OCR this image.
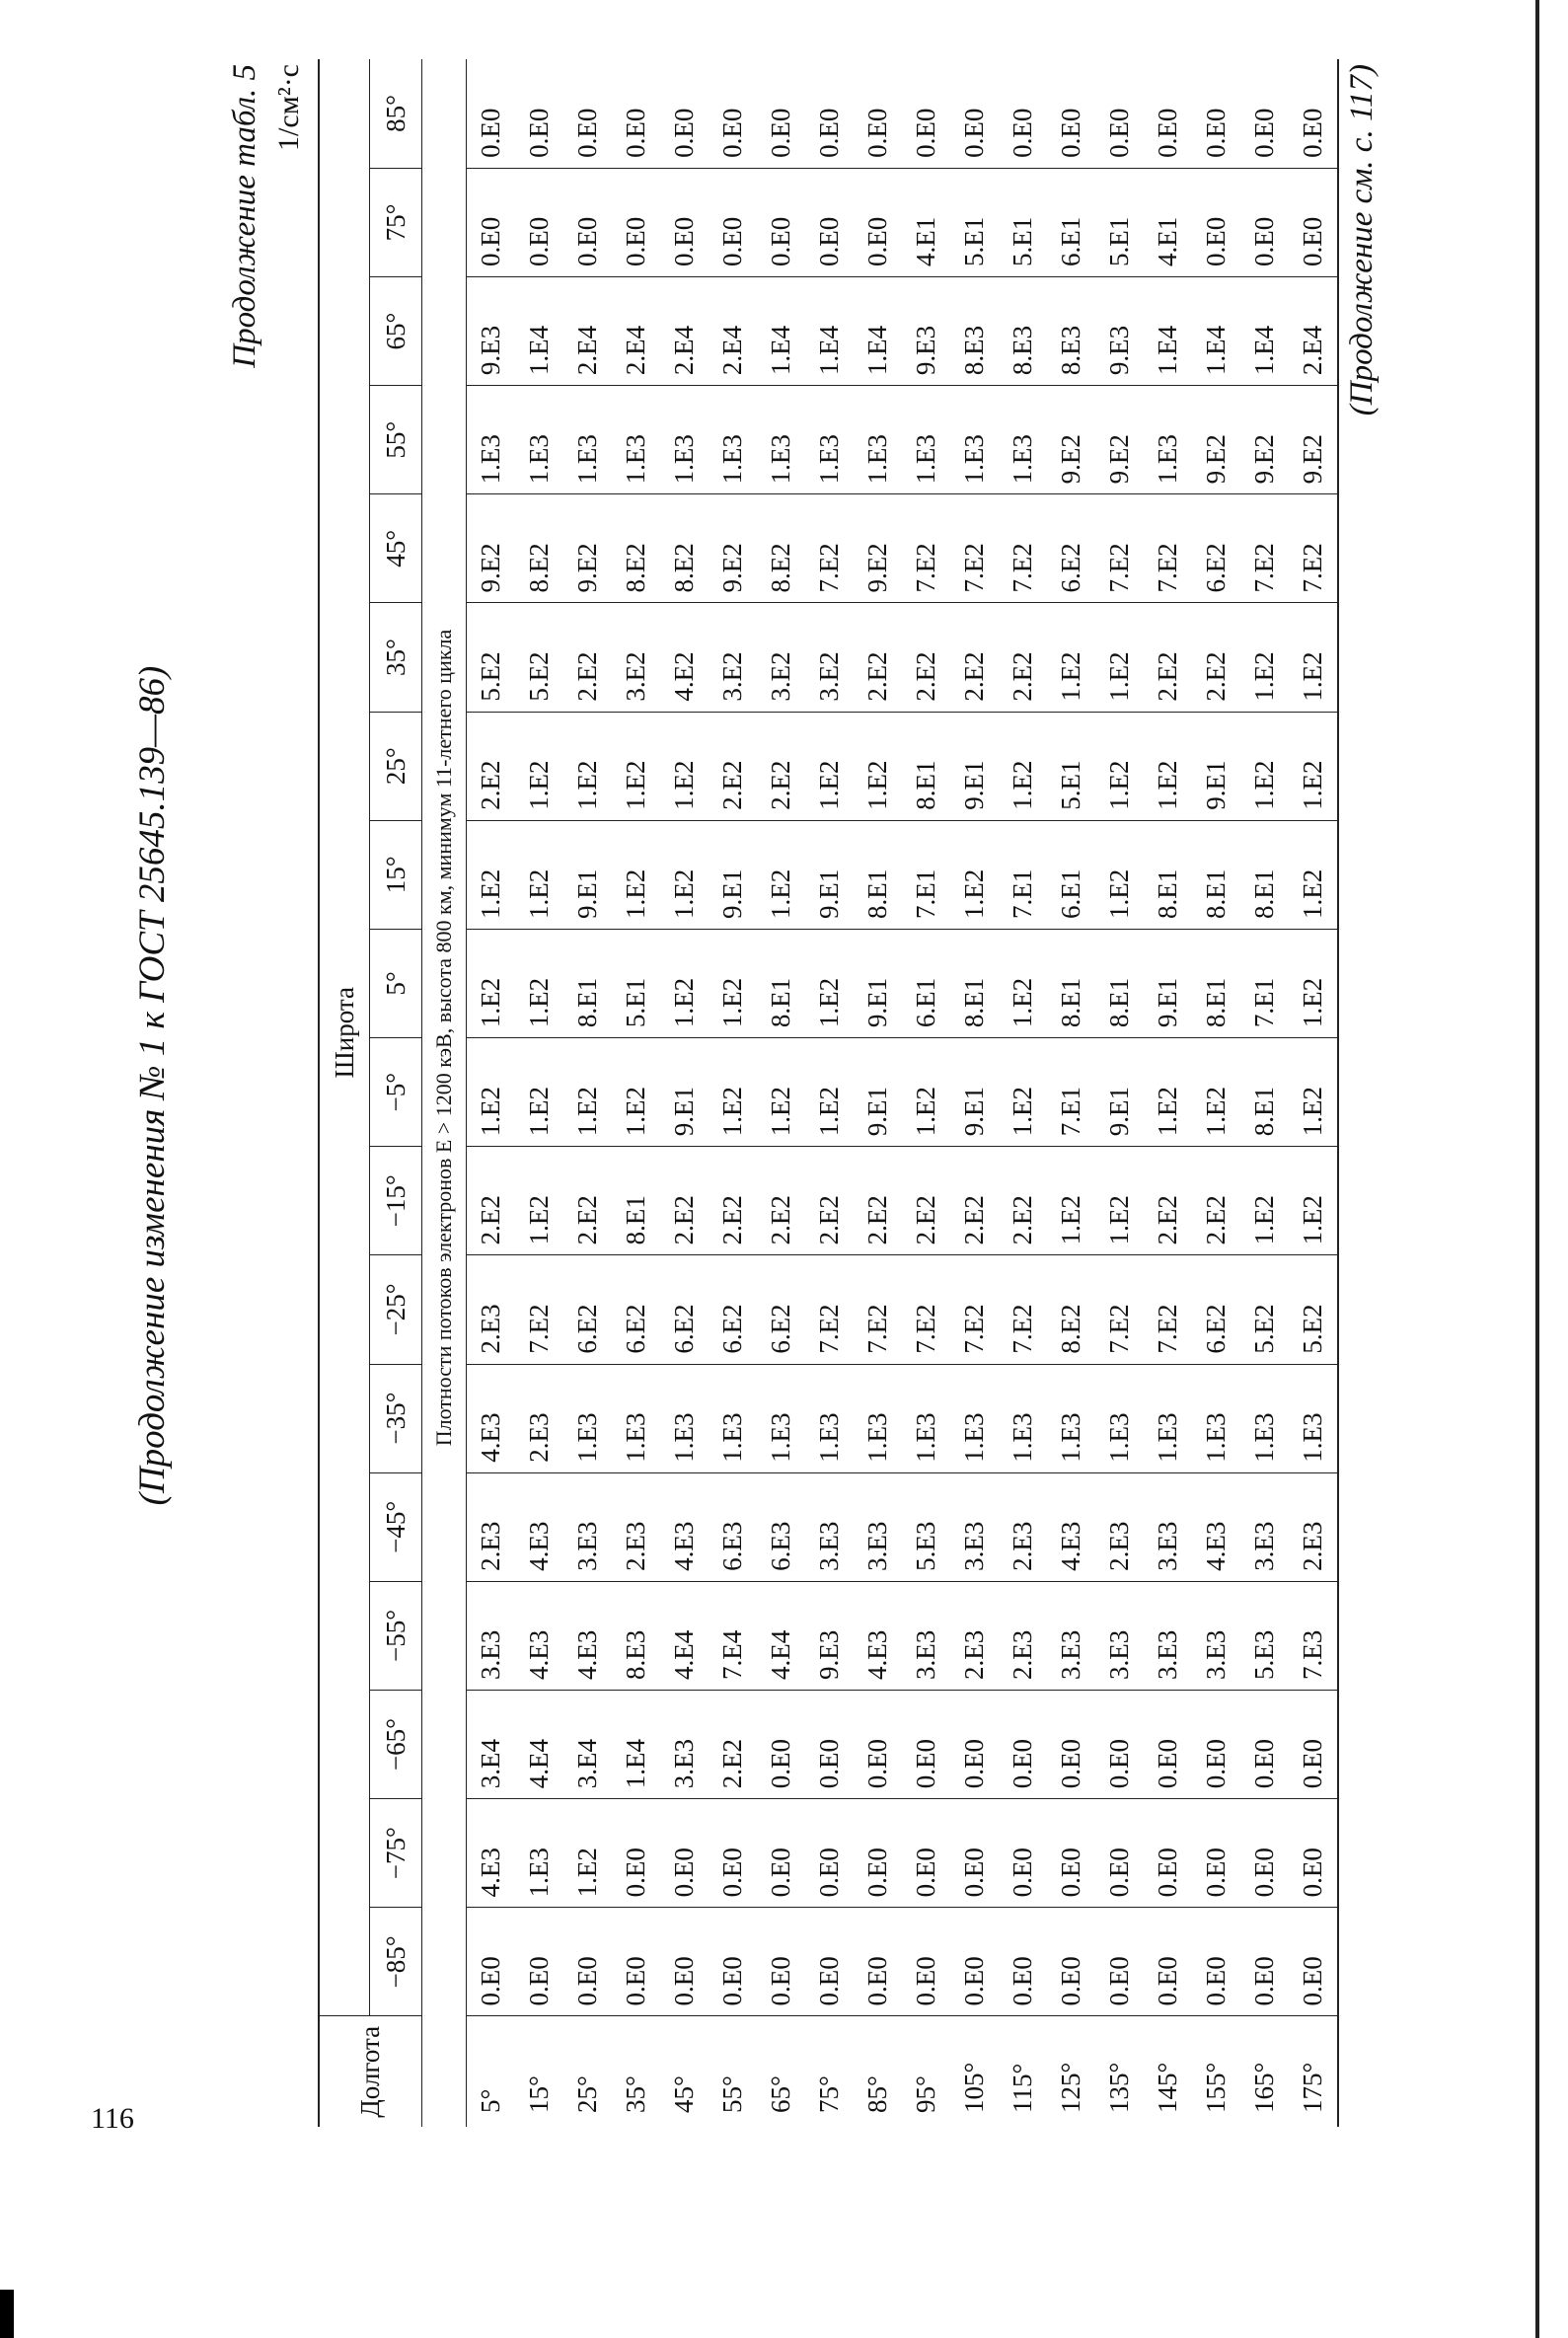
116
(Продолжение изменения № 1 к ГОСТ 25645.139—86)
Продолжение табл. 5 1/см²·с
Долгота	Широта																	
	−85°	−75°	−65°	−55°	−45°	−35°	−25°	−15°	−5°	5°	15°	25°	35°	45°	55°	65°	75°	85°
	Плотности потоков электронов E > 1200 кэВ, высота 800 км, минимум 11-летнего цикла																	
5°	0.E0	4.E3	3.E4	3.E3	2.E3	4.E3	2.E3	2.E2	1.E2	1.E2	1.E2	2.E2	5.E2	9.E2	1.E3	9.E3	0.E0	0.E0
15°	0.E0	1.E3	4.E4	4.E3	4.E3	2.E3	7.E2	1.E2	1.E2	1.E2	1.E2	1.E2	5.E2	8.E2	1.E3	1.E4	0.E0	0.E0
25°	0.E0	1.E2	3.E4	4.E3	3.E3	1.E3	6.E2	2.E2	1.E2	8.E1	9.E1	1.E2	2.E2	9.E2	1.E3	2.E4	0.E0	0.E0
35°	0.E0	0.E0	1.E4	8.E3	2.E3	1.E3	6.E2	8.E1	1.E2	5.E1	1.E2	1.E2	3.E2	8.E2	1.E3	2.E4	0.E0	0.E0
45°	0.E0	0.E0	3.E3	4.E4	4.E3	1.E3	6.E2	2.E2	9.E1	1.E2	1.E2	1.E2	4.E2	8.E2	1.E3	2.E4	0.E0	0.E0
55°	0.E0	0.E0	2.E2	7.E4	6.E3	1.E3	6.E2	2.E2	1.E2	1.E2	9.E1	2.E2	3.E2	9.E2	1.E3	2.E4	0.E0	0.E0
65°	0.E0	0.E0	0.E0	4.E4	6.E3	1.E3	6.E2	2.E2	1.E2	8.E1	1.E2	2.E2	3.E2	8.E2	1.E3	1.E4	0.E0	0.E0
75°	0.E0	0.E0	0.E0	9.E3	3.E3	1.E3	7.E2	2.E2	1.E2	1.E2	9.E1	1.E2	3.E2	7.E2	1.E3	1.E4	0.E0	0.E0
85°	0.E0	0.E0	0.E0	4.E3	3.E3	1.E3	7.E2	2.E2	9.E1	9.E1	8.E1	1.E2	2.E2	9.E2	1.E3	1.E4	0.E0	0.E0
95°	0.E0	0.E0	0.E0	3.E3	5.E3	1.E3	7.E2	2.E2	1.E2	6.E1	7.E1	8.E1	2.E2	7.E2	1.E3	9.E3	4.E1	0.E0
105°	0.E0	0.E0	0.E0	2.E3	3.E3	1.E3	7.E2	2.E2	9.E1	8.E1	1.E2	9.E1	2.E2	7.E2	1.E3	8.E3	5.E1	0.E0
115°	0.E0	0.E0	0.E0	2.E3	2.E3	1.E3	7.E2	2.E2	1.E2	1.E2	7.E1	1.E2	2.E2	7.E2	1.E3	8.E3	5.E1	0.E0
125°	0.E0	0.E0	0.E0	3.E3	4.E3	1.E3	8.E2	1.E2	7.E1	8.E1	6.E1	5.E1	1.E2	6.E2	9.E2	8.E3	6.E1	0.E0
135°	0.E0	0.E0	0.E0	3.E3	2.E3	1.E3	7.E2	1.E2	9.E1	8.E1	1.E2	1.E2	1.E2	7.E2	9.E2	9.E3	5.E1	0.E0
145°	0.E0	0.E0	0.E0	3.E3	3.E3	1.E3	7.E2	2.E2	1.E2	9.E1	8.E1	1.E2	2.E2	7.E2	1.E3	1.E4	4.E1	0.E0
155°	0.E0	0.E0	0.E0	3.E3	4.E3	1.E3	6.E2	2.E2	1.E2	8.E1	8.E1	9.E1	2.E2	6.E2	9.E2	1.E4	0.E0	0.E0
165°	0.E0	0.E0	0.E0	5.E3	3.E3	1.E3	5.E2	1.E2	8.E1	7.E1	8.E1	1.E2	1.E2	7.E2	9.E2	1.E4	0.E0	0.E0
175°	0.E0	0.E0	0.E0	7.E3	2.E3	1.E3	5.E2	1.E2	1.E2	1.E2	1.E2	1.E2	1.E2	7.E2	9.E2	2.E4	0.E0	0.E0 (Продолжение см. с. 117)
